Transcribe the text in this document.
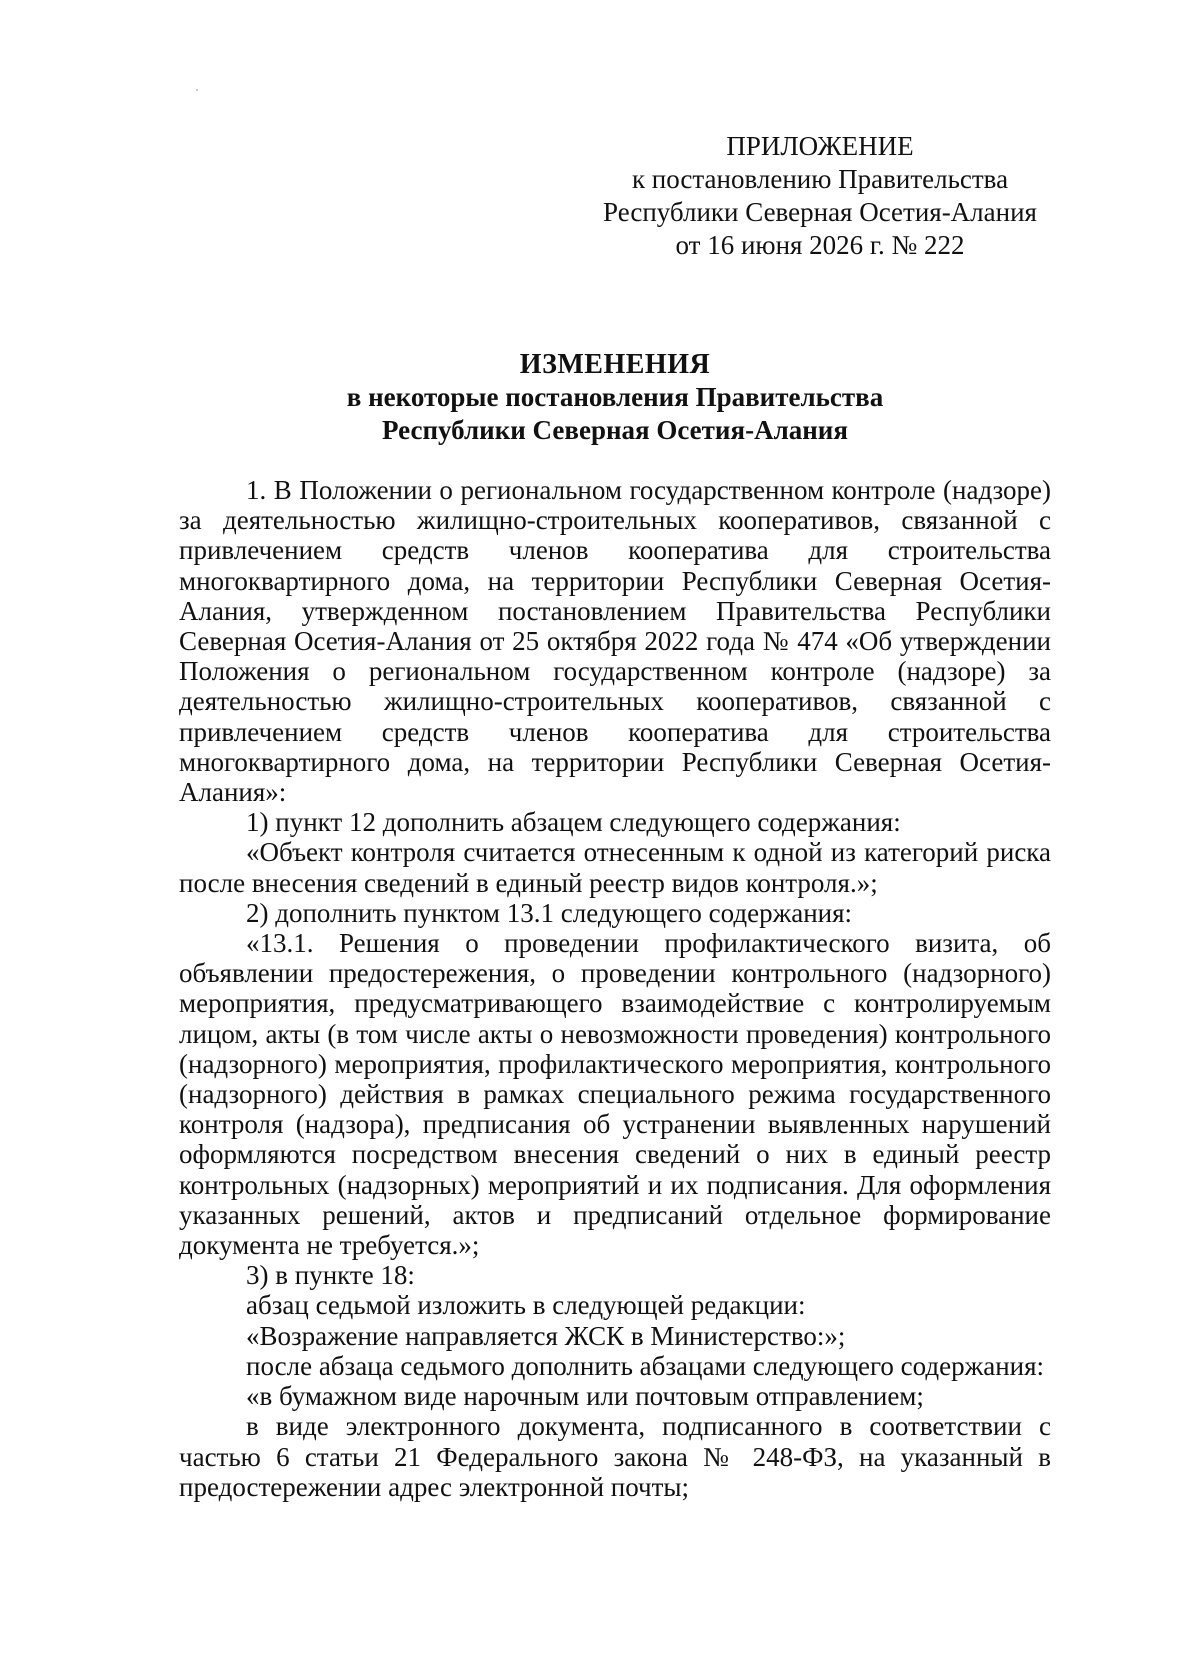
ПРИЛОЖЕНИЕ
к постановлению Правительства
Республики Северная Осетия-Алания
от 16 июня 2026 г. № 222
ИЗМЕНЕНИЯ
в некоторые постановления Правительства
Республики Северная Осетия-Алания

1. В Положении о региональном государственном контроле (надзоре) за деятельностью жилищно-строительных кооперативов, связанной с привлечением средств членов кооператива для строительства многоквартирного дома, на территории Республики Северная Осетия-Алания, утвержденном постановлением Правительства Республики Северная Осетия-Алания от 25 октября 2022 года № 474 «Об утверждении Положения о региональном государственном контроле (надзоре) за деятельностью жилищно-строительных кооперативов, связанной с привлечением средств членов кооператива для строительства многоквартирного дома, на территории Республики Северная Осетия-Алания»:

1) пункт 12 дополнить абзацем следующего содержания:

«Объект контроля считается отнесенным к одной из категорий риска после внесения сведений в единый реестр видов контроля.»;

2) дополнить пунктом 13.1 следующего содержания:

«13.1. Решения о проведении профилактического визита, об объявлении предостережения, о проведении контрольного (надзорного) мероприятия, предусматривающего взаимодействие с контролируемым лицом, акты (в том числе акты о невозможности проведения) контрольного (надзорного) мероприятия, профилактического мероприятия, контрольного (надзорного) действия в рамках специального режима государственного контроля (надзора), предписания об устранении выявленных нарушений оформляются посредством внесения сведений о них в единый реестр контрольных (надзорных) мероприятий и их подписания. Для оформления указанных решений, актов и предписаний отдельное формирование документа не требуется.»;

3) в пункте 18:

абзац седьмой изложить в следующей редакции:

«Возражение направляется ЖСК в Министерство:»;

после абзаца седьмого дополнить абзацами следующего содержания:

«в бумажном виде нарочным или почтовым отправлением;

в виде электронного документа, подписанного в соответствии с частью 6 статьи 21 Федерального закона № 248-ФЗ, на указанный в предостережении адрес электронной почты;
